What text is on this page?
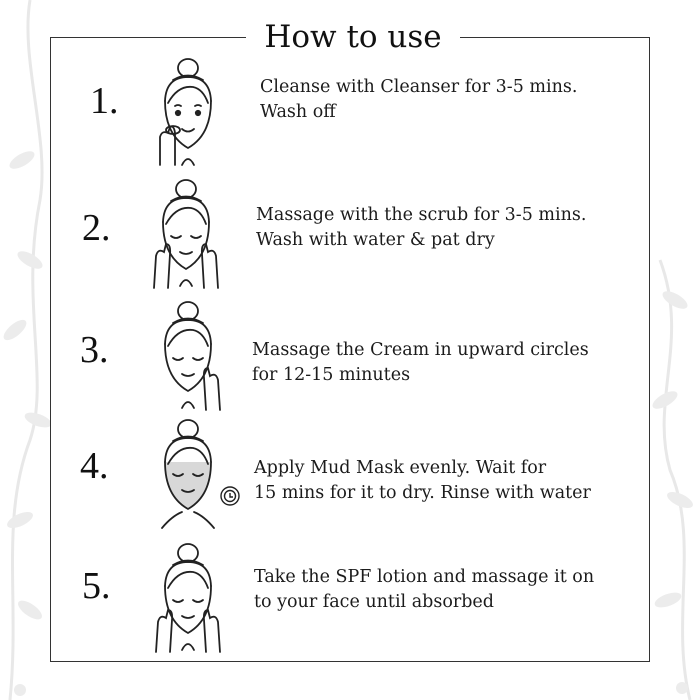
How to use
1.	Cleanse with Cleanser for 3-5 mins.
Wash off
2.	Massage with the scrub for 3-5 mins.
Wash with water & pat dry
3.	Massage the Cream in upward circles
for 12-15 minutes
4.	Apply Mud Mask evenly. Wait for
15 mins for it to dry. Rinse with water
5.	Take the SPF lotion and massage it on
to your face until absorbed
